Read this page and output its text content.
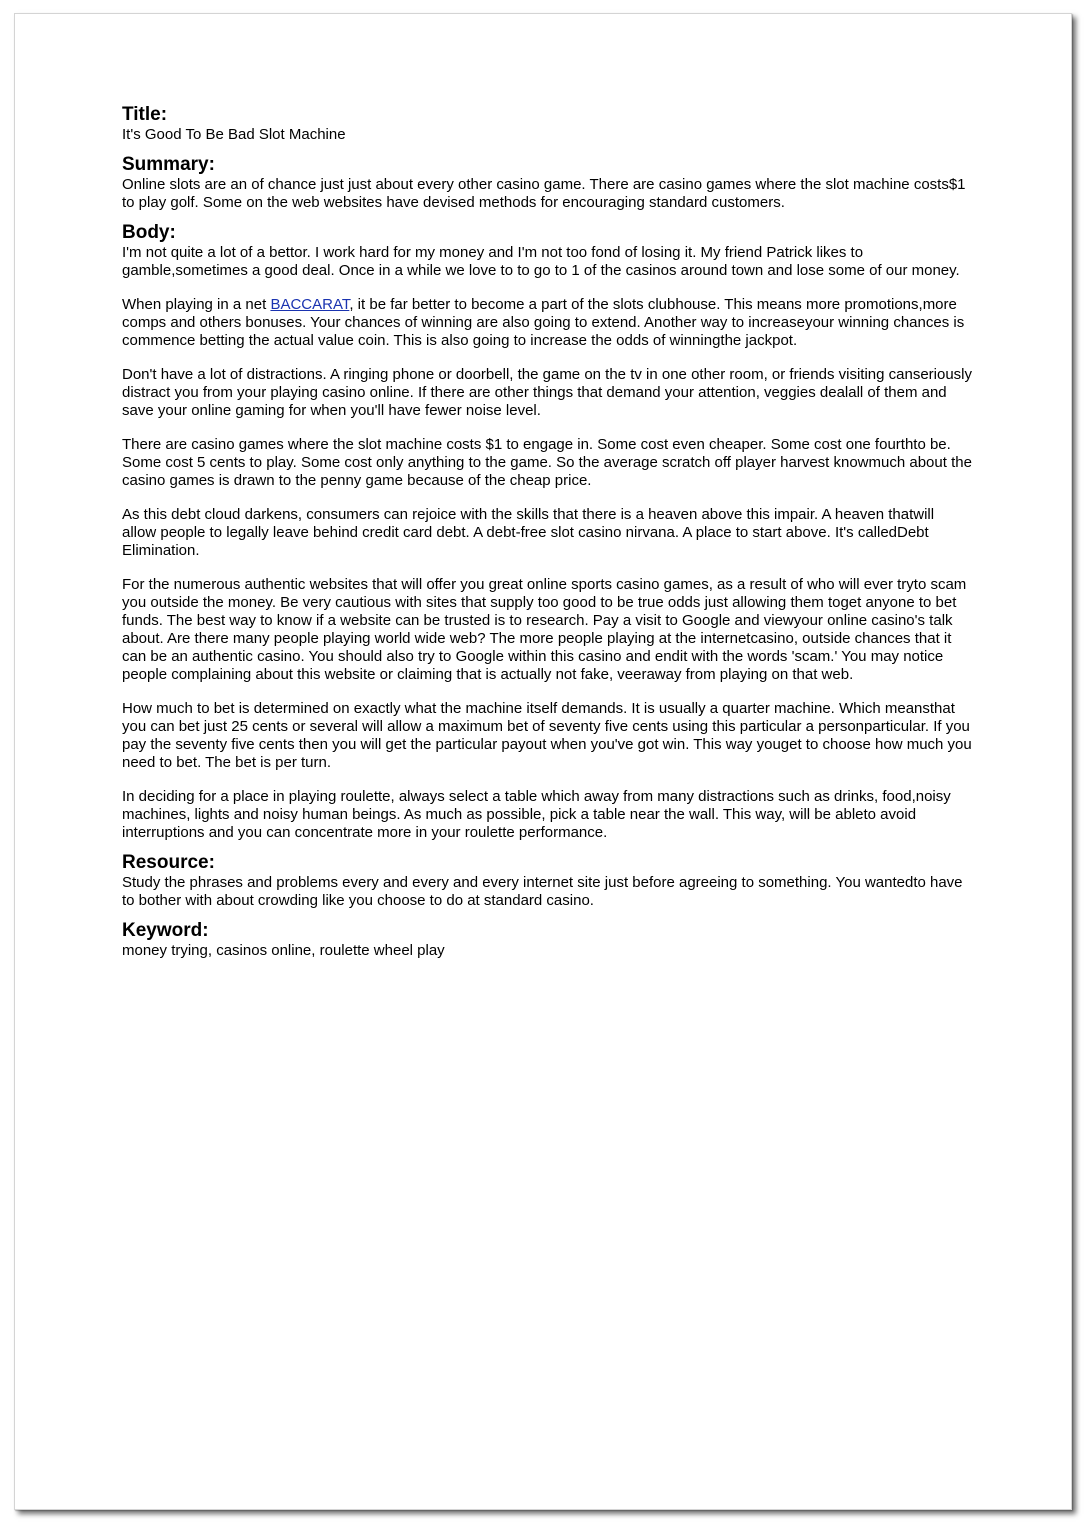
Title:

It's Good To Be Bad Slot Machine

Summary:

Online slots are an of chance just just about every other casino game. There are casino games where the slot machine costs$1 to play golf. Some on the web websites have devised methods for encouraging standard customers.

Body:

I'm not quite a lot of a bettor. I work hard for my money and I'm not too fond of losing it. My friend Patrick likes to gamble,sometimes a good deal. Once in a while we love to to go to 1 of the casinos around town and lose some of our money.

When playing in a net BACCARAT, it be far better to become a part of the slots clubhouse. This means more promotions,more comps and others bonuses. Your chances of winning are also going to extend. Another way to increaseyour winning chances is commence betting the actual value coin. This is also going to increase the odds of winningthe jackpot.

Don't have a lot of distractions. A ringing phone or doorbell, the game on the tv in one other room, or friends visiting canseriously distract you from your playing casino online. If there are other things that demand your attention, veggies dealall of them and save your online gaming for when you'll have fewer noise level.

There are casino games where the slot machine costs $1 to engage in. Some cost even cheaper. Some cost one fourthto be. Some cost 5 cents to play. Some cost only anything to the game. So the average scratch off player harvest knowmuch about the casino games is drawn to the penny game because of the cheap price.

As this debt cloud darkens, consumers can rejoice with the skills that there is a heaven above this impair. A heaven thatwill allow people to legally leave behind credit card debt. A debt-free slot casino nirvana. A place to start above. It's calledDebt Elimination.

For the numerous authentic websites that will offer you great online sports casino games, as a result of who will ever tryto scam you outside the money. Be very cautious with sites that supply too good to be true odds just allowing them toget anyone to bet funds. The best way to know if a website can be trusted is to research. Pay a visit to Google and viewyour online casino's talk about. Are there many people playing world wide web? The more people playing at the internetcasino, outside chances that it can be an authentic casino. You should also try to Google within this casino and endit with the words 'scam.' You may notice people complaining about this website or claiming that is actually not fake, veeraway from playing on that web.

How much to bet is determined on exactly what the machine itself demands. It is usually a quarter machine. Which meansthat you can bet just 25 cents or several will allow a maximum bet of seventy five cents using this particular a personparticular. If you pay the seventy five cents then you will get the particular payout when you've got win. This way youget to choose how much you need to bet. The bet is per turn.

In deciding for a place in playing roulette, always select a table which away from many distractions such as drinks, food,noisy machines, lights and noisy human beings. As much as possible, pick a table near the wall. This way, will be ableto avoid interruptions and you can concentrate more in your roulette performance.

Resource:

Study the phrases and problems every and every and every internet site just before agreeing to something. You wantedto have to bother with about crowding like you choose to do at standard casino.

Keyword:

money trying, casinos online, roulette wheel play
